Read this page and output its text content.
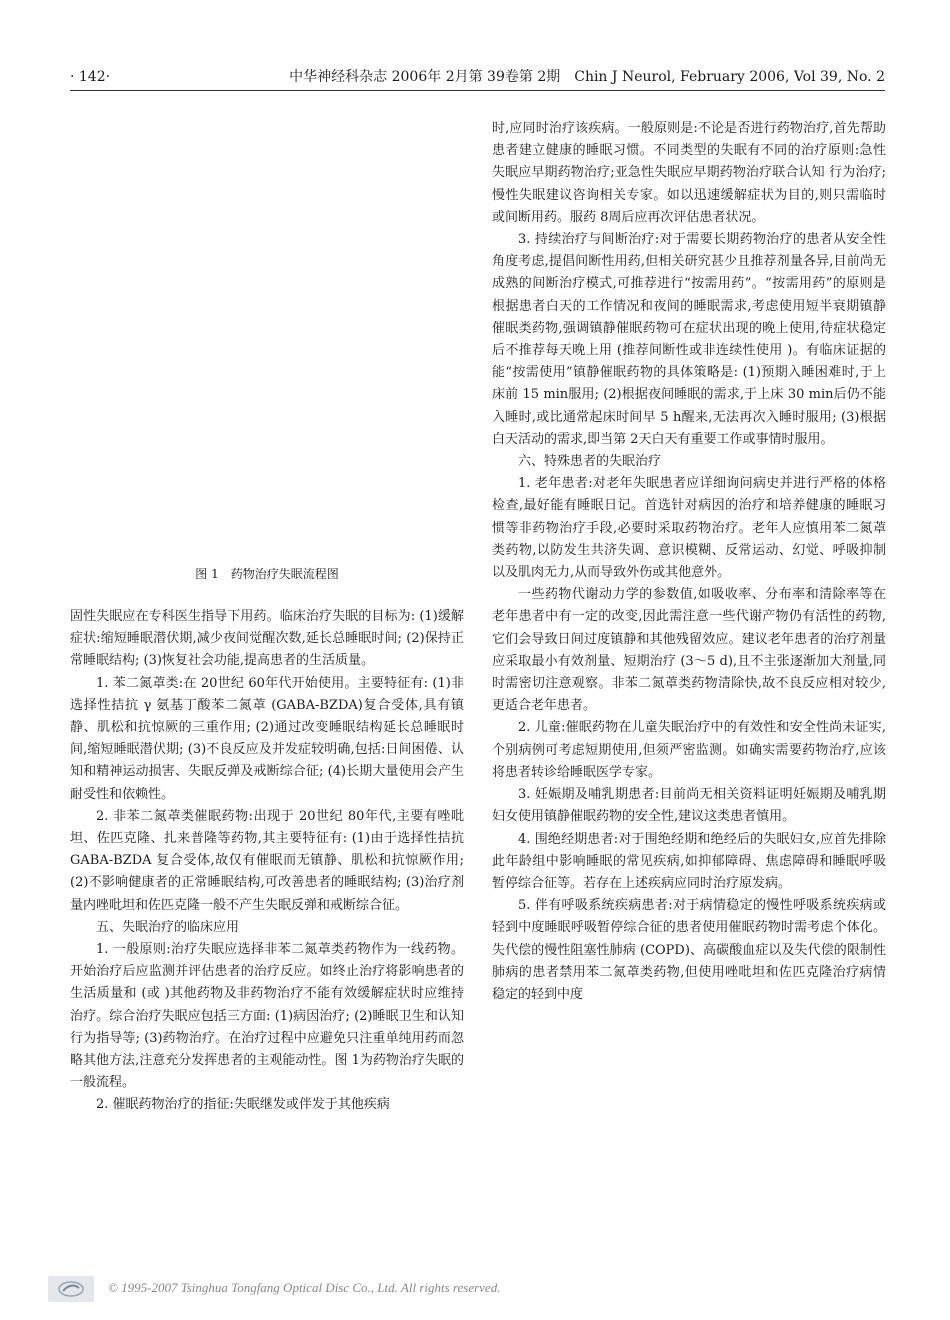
· 142·	中华神经科杂志 2006年 2月第 39卷第 2期　Chin J Neurol, February 2006, Vol 39, No. 2
图 1　药物治疗失眠流程图

固性失眠应在专科医生指导下用药。临床治疗失眠的目标为: (1)缓解症状:缩短睡眠潜伏期,减少夜间觉醒次数,延长总睡眠时间; (2)保持正常睡眠结构; (3)恢复社会功能,提高患者的生活质量。

1. 苯二氮䓬类:在 20世纪 60年代开始使用。主要特征有: (1)非选择性拮抗 γ 氨基丁酸苯二氮䓬 (GABA-BZDA)复合受体,具有镇静、肌松和抗惊厥的三重作用; (2)通过改变睡眠结构延长总睡眠时间,缩短睡眠潜伏期; (3)不良反应及并发症较明确,包括:日间困倦、认知和精神运动损害、失眠反弹及戒断综合征; (4)长期大量使用会产生耐受性和依赖性。

2. 非苯二氮䓬类催眠药物:出现于 20世纪 80年代,主要有唑吡坦、佐匹克隆、扎来普隆等药物,其主要特征有: (1)由于选择性拮抗 GABA-BZDA 复合受体,故仅有催眠而无镇静、肌松和抗惊厥作用; (2)不影响健康者的正常睡眠结构,可改善患者的睡眠结构; (3)治疗剂量内唑吡坦和佐匹克隆一般不产生失眠反弹和戒断综合征。

五、失眠治疗的临床应用

1. 一般原则:治疗失眠应选择非苯二氮䓬类药物作为一线药物。开始治疗后应监测并评估患者的治疗反应。如终止治疗将影响患者的生活质量和 (或 )其他药物及非药物治疗不能有效缓解症状时应维持治疗。综合治疗失眠应包括三方面: (1)病因治疗; (2)睡眠卫生和认知 行为指导等; (3)药物治疗。在治疗过程中应避免只注重单纯用药而忽略其他方法,注意充分发挥患者的主观能动性。图 1为药物治疗失眠的一般流程。

2. 催眠药物治疗的指征:失眠继发或伴发于其他疾病

时,应同时治疗该疾病。一般原则是:不论是否进行药物治疗,首先帮助患者建立健康的睡眠习惯。不同类型的失眠有不同的治疗原则:急性失眠应早期药物治疗;亚急性失眠应早期药物治疗联合认知 行为治疗;慢性失眠建议咨询相关专家。如以迅速缓解症状为目的,则只需临时或间断用药。服药 8周后应再次评估患者状况。

3. 持续治疗与间断治疗:对于需要长期药物治疗的患者从安全性角度考虑,提倡间断性用药,但相关研究甚少且推荐剂量各异,目前尚无成熟的间断治疗模式,可推荐进行“按需用药”。“按需用药”的原则是根据患者白天的工作情况和夜间的睡眠需求,考虑使用短半衰期镇静催眠类药物,强调镇静催眠药物可在症状出现的晚上使用,待症状稳定后不推荐每天晚上用 (推荐间断性或非连续性使用 )。有临床证据的能“按需使用”镇静催眠药物的具体策略是: (1)预期入睡困难时,于上床前 15 min服用; (2)根据夜间睡眠的需求,于上床 30 min后仍不能入睡时,或比通常起床时间早 5 h醒来,无法再次入睡时服用; (3)根据白天活动的需求,即当第 2天白天有重要工作或事情时服用。

六、特殊患者的失眠治疗

1. 老年患者:对老年失眠患者应详细询问病史并进行严格的体格检查,最好能有睡眠日记。首选针对病因的治疗和培养健康的睡眠习惯等非药物治疗手段,必要时采取药物治疗。老年人应慎用苯二氮䓬类药物,以防发生共济失调、意识模糊、反常运动、幻觉、呼吸抑制以及肌肉无力,从而导致外伤或其他意外。

一些药物代谢动力学的参数值,如吸收率、分布率和清除率等在老年患者中有一定的改变,因此需注意一些代谢产物仍有活性的药物,它们会导致日间过度镇静和其他残留效应。建议老年患者的治疗剂量应采取最小有效剂量、短期治疗 (3～5 d),且不主张逐渐加大剂量,同时需密切注意观察。非苯二氮䓬类药物清除快,故不良反应相对较少,更适合老年患者。

2. 儿童:催眠药物在儿童失眠治疗中的有效性和安全性尚未证实,个别病例可考虑短期使用,但须严密监测。如确实需要药物治疗,应该将患者转诊给睡眠医学专家。

3. 妊娠期及哺乳期患者:目前尚无相关资料证明妊娠期及哺乳期妇女使用镇静催眠药物的安全性,建议这类患者慎用。

4. 围绝经期患者:对于围绝经期和绝经后的失眠妇女,应首先排除此年龄组中影响睡眠的常见疾病,如抑郁障碍、焦虑障碍和睡眠呼吸暂停综合征等。若存在上述疾病应同时治疗原发病。

5. 伴有呼吸系统疾病患者:对于病情稳定的慢性呼吸系统疾病或轻到中度睡眠呼吸暂停综合征的患者使用催眠药物时需考虑个体化。失代偿的慢性阻塞性肺病 (COPD)、高碳酸血症以及失代偿的限制性肺病的患者禁用苯二氮䓬类药物,但使用唑吡坦和佐匹克隆治疗病情稳定的轻到中度

© 1995-2007 Tsinghua Tongfang Optical Disc Co., Ltd. All rights reserved.
